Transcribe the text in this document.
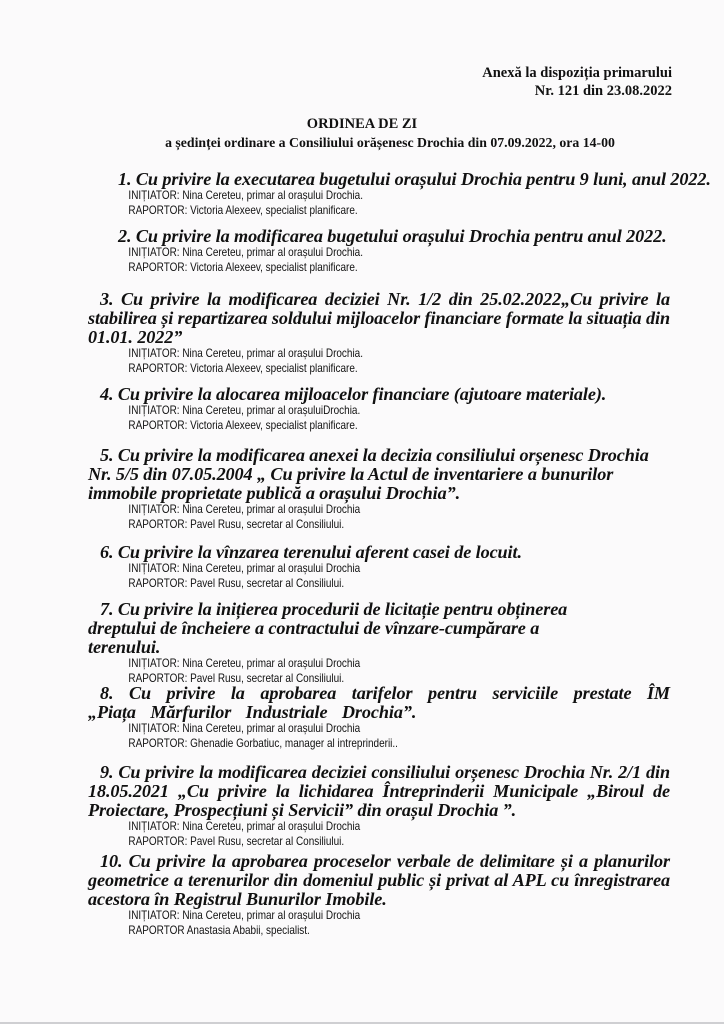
Anexă la dispoziția primarului
Nr. 121 din 23.08.2022
ORDINEA DE ZI
a ședinței ordinare a Consiliului orășenesc Drochia din 07.09.2022, ora 14-00
1. Cu privire la executarea bugetului orașului Drochia pentru 9 luni, anul 2022.
INIȚIATOR: Nina Cereteu, primar al orașului Drochia.
RAPORTOR: Victoria Alexeev, specialist planificare.
2. Cu privire la modificarea bugetului orașului Drochia pentru anul 2022.
INIȚIATOR: Nina Cereteu, primar al orașului Drochia.
RAPORTOR: Victoria Alexeev, specialist planificare.
3. Cu privire la modificarea deciziei Nr. 1/2 din 25.02.2022„Cu privire la stabilirea și repartizarea soldului mijloacelor financiare formate la situația din 01.01. 2022”
INIȚIATOR: Nina Cereteu, primar al orașului Drochia.
RAPORTOR: Victoria Alexeev, specialist planificare.
4. Cu privire la alocarea mijloacelor financiare (ajutoare materiale).
INIȚIATOR: Nina Cereteu, primar al orașuluiDrochia.
RAPORTOR: Victoria Alexeev, specialist planificare.
5. Cu privire la modificarea anexei la decizia consiliului orșenesc Drochia Nr. 5/5 din 07.05.2004 „ Cu privire la Actul de inventariere a bunurilor immobile proprietate publică a orașului Drochia”.
INIȚIATOR: Nina Cereteu, primar al orașului Drochia
RAPORTOR: Pavel Rusu, secretar al Consiliului.
6. Cu privire la vînzarea terenului aferent casei de locuit.
INIȚIATOR: Nina Cereteu, primar al orașului Drochia
RAPORTOR: Pavel Rusu, secretar al Consiliului.
7. Cu privire la inițierea procedurii de licitație pentru obținerea dreptului de încheiere a contractului de vînzare-cumpărare a terenului.
INIȚIATOR: Nina Cereteu, primar al orașului Drochia
RAPORTOR: Pavel Rusu, secretar al Consiliului.
8. Cu privire la aprobarea tarifelor pentru serviciile prestate ÎM „Piața Mărfurilor Industriale Drochia”.
INIȚIATOR: Nina Cereteu, primar al orașului Drochia
RAPORTOR: Ghenadie Gorbatiuc, manager al intreprinderii..
9. Cu privire la modificarea deciziei consiliului orșenesc Drochia Nr. 2/1 din 18.05.2021 „Cu privire la lichidarea Întreprinderii Municipale „Biroul de Proiectare, Prospecțiuni și Servicii” din orașul Drochia ”.
INIȚIATOR: Nina Cereteu, primar al orașului Drochia
RAPORTOR: Pavel Rusu, secretar al Consiliului.
10. Cu privire la aprobarea proceselor verbale de delimitare și a planurilor geometrice a terenurilor din domeniul public și privat al APL cu înregistrarea acestora în Registrul Bunurilor Imobile.
INIȚIATOR: Nina Cereteu, primar al orașului Drochia
RAPORTOR Anastasia Ababii, specialist.
